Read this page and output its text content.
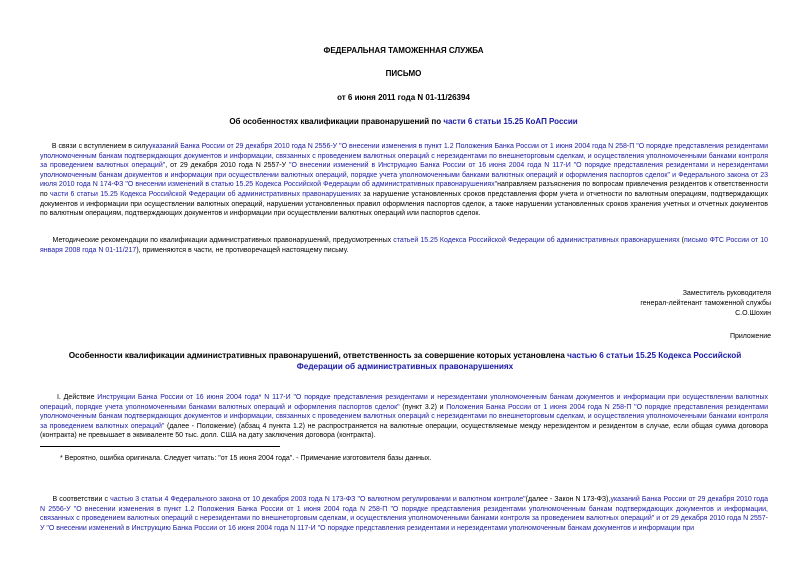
ФЕДЕРАЛЬНАЯ ТАМОЖЕННАЯ СЛУЖБА
ПИСЬМО
от 6 июня 2011 года N 01-11/26394
Об особенностях квалификации правонарушений по части 6 статьи 15.25 КоАП России
В связи с вступлением в силууказаний Банка России от 29 декабря 2010 года N 2556-У "О внесении изменения в пункт 1.2 Положения Банка России от 1 июня 2004 года N 258-П "О порядке представления резидентами уполномоченным банкам подтверждающих документов и информации, связанных с проведением валютных операций с нерезидентами по внешнеторговым сделкам, и осуществления уполномоченными банками контроля за проведением валютных операций", от 29 декабря 2010 года N 2557-У "О внесении изменений в Инструкцию Банка России от 16 июня 2004 года N 117-И "О порядке представления резидентами и нерезидентами уполномоченным банкам документов и информации при осуществлении валютных операций, порядке учета уполномоченными банками валютных операций и оформления паспортов сделок" и Федерального закона от 23 июля 2010 года N 174-ФЗ "О внесении изменений в статью 15.25 Кодекса Российской Федерации об административных правонарушениях"направляем разъяснения по вопросам привлечения резидентов к ответственности по части 6 статьи 15.25 Кодекса Российской Федерации об административных правонарушениях за нарушение установленных сроков представления форм учета и отчетности по валютным операциям, подтверждающих документов и информации при осуществлении валютных операций, нарушении установленных правил оформления паспортов сделок, а также нарушении установленных сроков хранения учетных и отчетных документов по валютным операциям, подтверждающих документов и информации при осуществлении валютных операций или паспортов сделок.
Методические рекомендации по квалификации административных правонарушений, предусмотренных статьей 15.25 Кодекса Российской Федерации об административных правонарушениях (письмо ФТС России от 10 января 2008 года N 01-11/217), применяются в части, не противоречащей настоящему письму.
Заместитель руководителя
генерал-лейтенант таможенной службы
С.О.Шохин
Приложение
Особенности квалификации административных правонарушений, ответственность за совершение которых установлена частью 6 статьи 15.25 Кодекса Российской Федерации об административных правонарушениях
I. Действие Инструкции Банка России от 16 июня 2004 года* N 117-И "О порядке представления резидентами и нерезидентами уполномоченным банкам документов и информации при осуществлении валютных операций, порядке учета уполномоченными банками валютных операций и оформления паспортов сделок" (пункт 3.2) и Положения Банка России от 1 июня 2004 года N 258-П "О порядке представления резидентами уполномоченным банкам подтверждающих документов и информации, связанных с проведением валютных операций с нерезидентами по внешнеторговым сделкам, и осуществления уполномоченными банками контроля за проведением валютных операций" (далее - Положение) (абзац 4 пункта 1.2) не распространяется на валютные операции, осуществляемые между нерезидентом и резидентом в случае, если общая сумма договора (контракта) не превышает в эквиваленте 50 тыс. долл. США на дату заключения договора (контракта).
* Вероятно, ошибка оригинала. Следует читать: "от 15 июня 2004 года". - Примечание изготовителя базы данных.
В соответствии с частью 3 статьи 4 Федерального закона от 10 декабря 2003 года N 173-ФЗ "О валютном регулировании и валютном контроле"(далее - Закон N 173-ФЗ),указаний Банка России от 29 декабря 2010 года N 2556-У "О внесении изменения в пункт 1.2 Положения Банка России от 1 июня 2004 года N 258-П "О порядке представления резидентами уполномоченным банкам подтверждающих документов и информации, связанных с проведением валютных операций с нерезидентами по внешнеторговым сделкам, и осуществления уполномоченными банками контроля за проведением валютных операций" и от 29 декабря 2010 года N 2557-У "О внесении изменений в Инструкцию Банка России от 16 июня 2004 года N 117-И "О порядке представления резидентами и нерезидентами уполномоченным банкам документов и информации при
